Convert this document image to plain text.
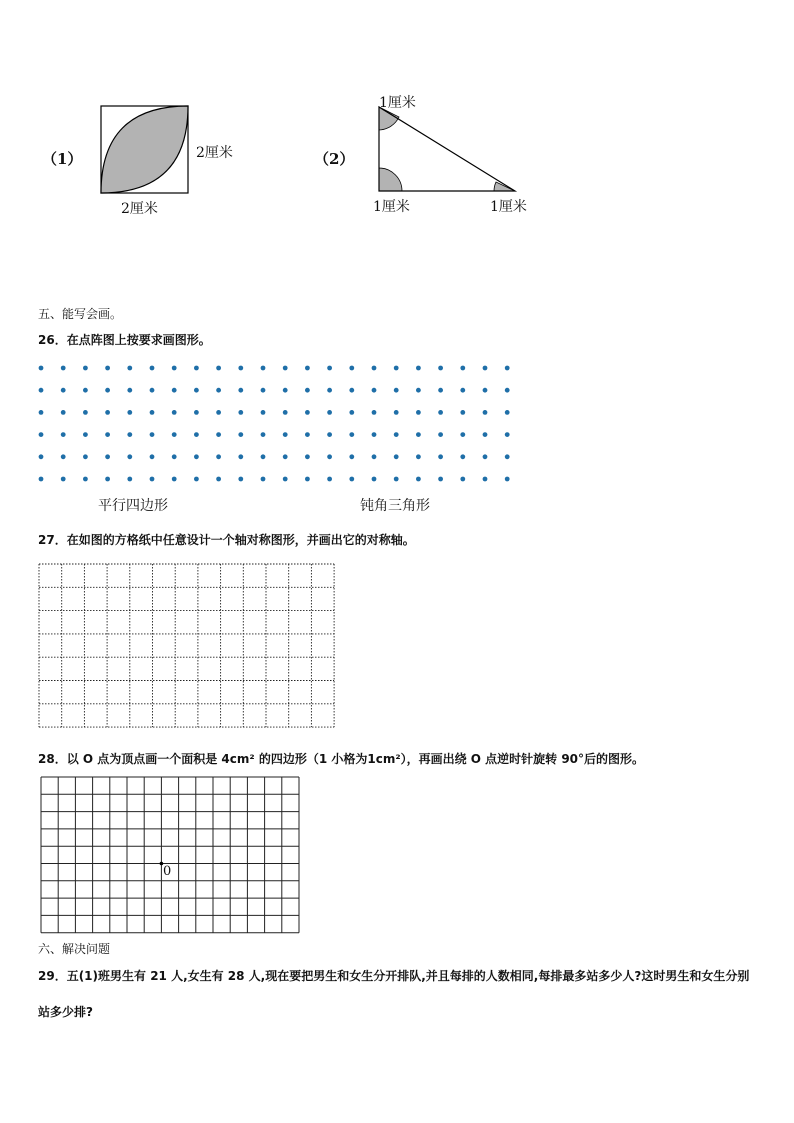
（1）	2厘米
2厘米
（2）
1厘米
1厘米	1厘米
五、能写会画。
26．在点阵图上按要求画图形。
平行四边形	钝角三角形
27．在如图的方格纸中任意设计一个轴对称图形，并画出它的对称轴。
28．以 O 点为顶点画一个面积是 4cm² 的四边形（1 小格为1cm²），再画出绕 O 点逆时针旋转 90°后的图形。
0
六、解决问题
29．五(1)班男生有 21 人,女生有 28 人,现在要把男生和女生分开排队,并且每排的人数相同,每排最多站多少人?这时男生和女生分别站多少排?
